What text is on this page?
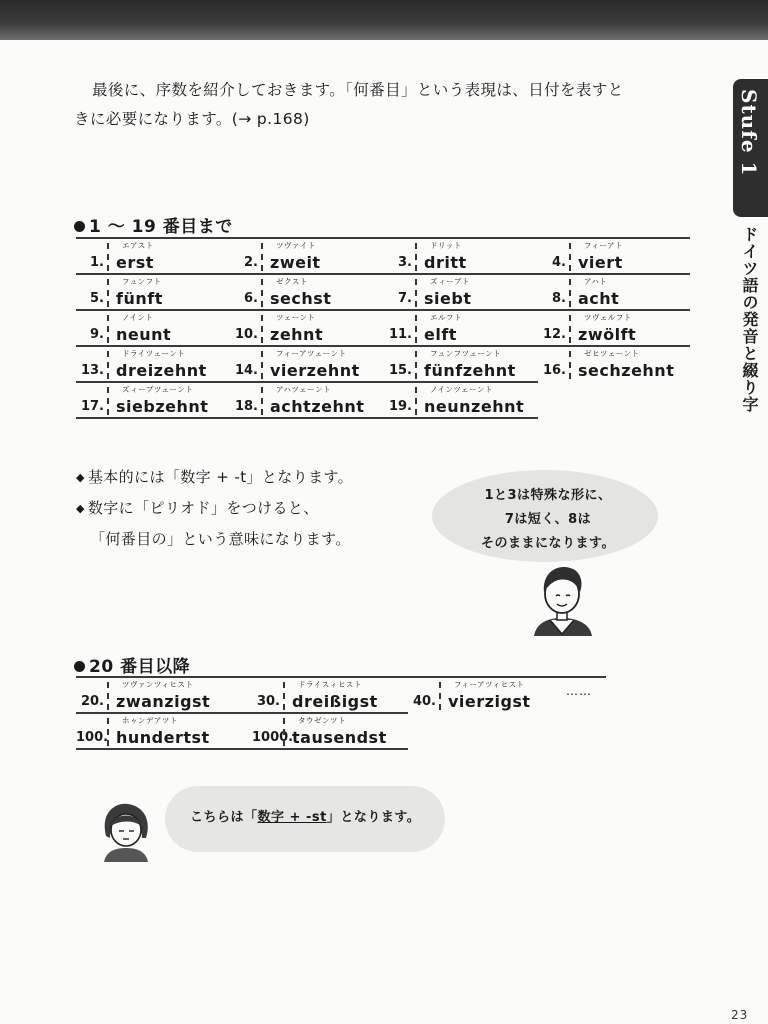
最後に、序数を紹介しておきます。「何番目」という表現は、日付を表すと
きに必要になります。(→ p.168)	Stufe 1
ドイツ語の発音と綴り字
1 〜 19 番目まで
1.
エアスト
erst	2.
ツヴァイト
zweit	3.
ドリット
dritt	4.
フィーアト
viert
5.
フュンフト
fünft	6.
ゼクスト
sechst	7.
ズィーブト
siebt	8.
アハト
acht
9.
ノイント
neunt	10.
ツェーント
zehnt	11.
エルフト
elft	12.
ツヴェルフト
zwölft
13.
ドライツェーント
dreizehnt	14.
フィーアツェーント
vierzehnt	15.
フュンフツェーント
fünfzehnt	16.
ゼヒツェーント
sechzehnt
17.
ズィーブツェーント
siebzehnt	18.
アハツェーント
achtzehnt	19.
ノインツェーント
neunzehnt
◆ 基本的には「数字 + -t」となります。
◆ 数字に「ピリオド」をつけると、
「何番目の」という意味になります。
1と3は特殊な形に、
7は短く、8は
そのままになります。
20 番目以降
20.
ツヴァンツィヒスト
zwanzigst	30.
ドライスィヒスト
dreißigst	40.
フィーアツィヒスト
vierzigst
100.
ホゥンデアツト
hundertst	1000.
タウゼンツト
tausendst
……
こちらは「数字 + -st」となります。
23
